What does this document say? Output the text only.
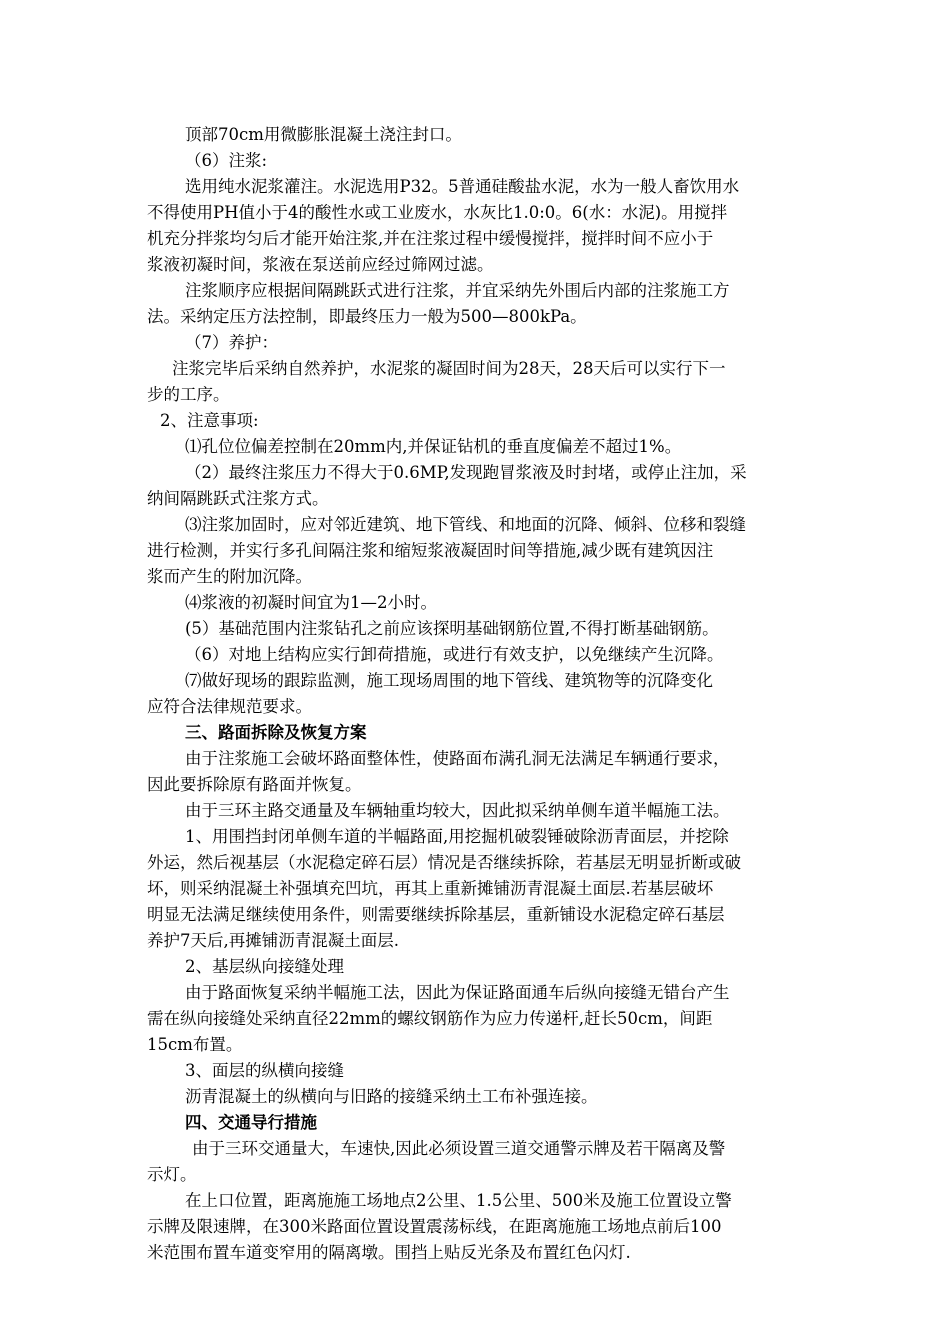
顶部70cm用微膨胀混凝土浇注封口。
（6）注浆:
选用纯水泥浆灌注。水泥选用P32。5普通硅酸盐水泥，水为一般人畜饮用水
不得使用PH值小于4的酸性水或工业废水，水灰比1.0:0。6(水：水泥)。用搅拌
机充分拌浆均匀后才能开始注浆,并在注浆过程中缓慢搅拌，搅拌时间不应小于
浆液初凝时间，浆液在泵送前应经过筛网过滤。
注浆顺序应根据间隔跳跃式进行注浆，并宜采纳先外围后内部的注浆施工方
法。采纳定压方法控制，即最终压力一般为500—800kPa。
（7）养护：
注浆完毕后采纳自然养护，水泥浆的凝固时间为28天，28天后可以实行下一
步的工序。
2、注意事项:
⑴孔位位偏差控制在20mm内,并保证钻机的垂直度偏差不超过1%。
（2）最终注浆压力不得大于0.6MP,发现跑冒浆液及时封堵，或停止注加，采
纳间隔跳跃式注浆方式。
⑶注浆加固时，应对邻近建筑、地下管线、和地面的沉降、倾斜、位移和裂缝
进行检测，并实行多孔间隔注浆和缩短浆液凝固时间等措施,减少既有建筑因注
浆而产生的附加沉降。
⑷浆液的初凝时间宜为1—2小时。
(5）基础范围内注浆钻孔之前应该探明基础钢筋位置,不得打断基础钢筋。
（6）对地上结构应实行卸荷措施，或进行有效支护，以免继续产生沉降。
⑺做好现场的跟踪监测，施工现场周围的地下管线、建筑物等的沉降变化
应符合法律规范要求。
三、路面拆除及恢复方案
由于注浆施工会破坏路面整体性，使路面布满孔洞无法满足车辆通行要求，
因此要拆除原有路面并恢复。
由于三环主路交通量及车辆轴重均较大，因此拟采纳单侧车道半幅施工法。
1、用围挡封闭单侧车道的半幅路面,用挖掘机破裂锤破除沥青面层，并挖除
外运，然后视基层（水泥稳定碎石层）情况是否继续拆除，若基层无明显折断或破
坏，则采纳混凝土补强填充凹坑，再其上重新摊铺沥青混凝土面层.若基层破坏
明显无法满足继续使用条件，则需要继续拆除基层，重新铺设水泥稳定碎石基层
养护7天后,再摊铺沥青混凝土面层.
2、基层纵向接缝处理
由于路面恢复采纳半幅施工法，因此为保证路面通车后纵向接缝无错台产生
需在纵向接缝处采纳直径22mm的螺纹钢筋作为应力传递杆,赶长50cm，间距
15cm布置。
3、面层的纵横向接缝
沥青混凝土的纵横向与旧路的接缝采纳土工布补强连接。
四、交通导行措施
由于三环交通量大，车速快,因此必须设置三道交通警示牌及若干隔离及警
示灯。
在上口位置，距离施施工场地点2公里、1.5公里、500米及施工位置设立警
示牌及限速牌，在300米路面位置设置震荡标线，在距离施施工场地点前后100
米范围布置车道变窄用的隔离墩。围挡上贴反光条及布置红色闪灯.
